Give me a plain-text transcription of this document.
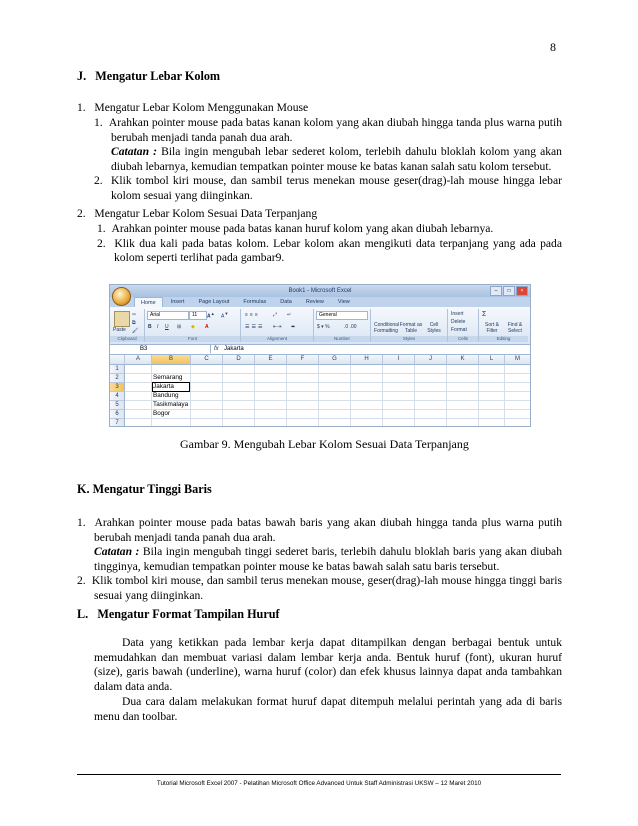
8
J.   Mengatur Lebar Kolom
1.   Mengatur Lebar Kolom Menggunakan Mouse
1.  Arahkan pointer mouse pada batas kanan kolom yang akan diubah hingga tanda plus warna putih
berubah menjadi tanda panah dua arah.
Catatan : Bila ingin mengubah lebar sederet kolom, terlebih dahulu bloklah kolom yang akan
diubah lebarnya, kemudian tempatkan pointer mouse ke batas kanan salah satu kolom tersebut.
2.  Klik tombol kiri mouse, dan sambil terus menekan mouse geser(drag)-lah mouse hingga lebar
kolom sesuai yang diinginkan.
2.   Mengatur Lebar Kolom Sesuai Data Terpanjang
1.  Arahkan pointer mouse pada batas kanan huruf kolom yang akan diubah lebarnya.
2.  Klik dua kali pada batas kolom. Lebar kolom akan mengikuti data terpanjang yang ada pada
kolom seperti terlihat pada gambar9.
Book1 - Microsoft Excel	–	□	×
Home	Insert	Page Layout	Formulas	Data	Review	View
Paste
✂
⧉
🖌
Clipboard
Arial	11	A▲
A▼
B I U ⊞ ◆ A
Font
≡≡≡	⤢ ↵
☰☰☰ ⇤⇥ ⬌
Alignment
General
$ ▾ %	.0 .00
Number
Conditional Formatting
Format as Table
Cell Styles
Styles
Insert
Delete
Format
Cells
Σ
Sort & Filter
Find & Select
Editing
B3	fx Jakarta
A	B	C	D	E	F	G	H	I	J	K	L	M
1
2
3
4
5
6
7
Semarang
Jakarta
Bandung
Tasikmalaya
Bogor
Gambar 9. Mengubah Lebar Kolom Sesuai Data Terpanjang
K. Mengatur Tinggi Baris
1.  Arahkan pointer mouse pada batas bawah baris yang akan diubah hingga tanda plus warna putih
berubah menjadi tanda panah dua arah.
Catatan : Bila ingin mengubah tinggi sederet baris, terlebih dahulu bloklah baris yang akan diubah
tingginya, kemudian tempatkan pointer mouse ke batas bawah salah satu baris tersebut.
2.  Klik tombol kiri mouse, dan sambil terus menekan mouse, geser(drag)-lah mouse hingga tinggi baris
sesuai yang diinginkan.
L.   Mengatur Format Tampilan Huruf
Data yang ketikkan pada lembar kerja dapat ditampilkan dengan berbagai bentuk untuk memudahkan dan membuat variasi dalam lembar kerja anda. Bentuk huruf (font), ukuran huruf (size), garis bawah (underline), warna huruf (color) dan efek khusus lainnya dapat anda tambahkan dalam data anda.
Dua cara dalam melakukan format huruf dapat ditempuh melalui perintah yang ada di baris menu dan toolbar.
Tutorial Microsoft Excel 2007 - Pelatihan Microsoft Office Advanced Untuk Staff Administrasi UKSW – 12 Maret 2010
